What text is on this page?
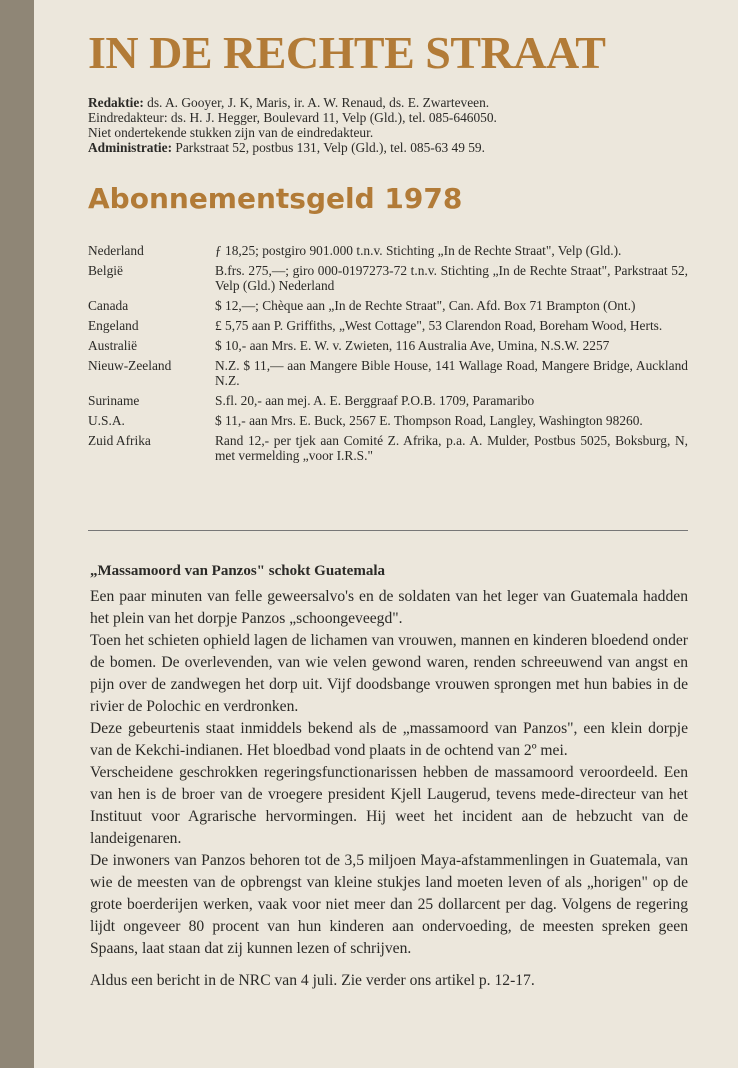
IN DE RECHTE STRAAT
Redaktie: ds. A. Gooyer, J. K, Maris, ir. A. W. Renaud, ds. E. Zwarteveen.
Eindredakteur: ds. H. J. Hegger, Boulevard 11, Velp (Gld.), tel. 085-646050.
Niet ondertekende stukken zijn van de eindredakteur.
Administratie: Parkstraat 52, postbus 131, Velp (Gld.), tel. 085-63 49 59.
Abonnementsgeld 1978
Nederland	ƒ 18,25; postgiro 901.000 t.n.v. Stichting „In de Rechte Straat", Velp (Gld.).
België	B.frs. 275,—; giro 000-0197273-72 t.n.v. Stichting „In de Rechte Straat", Parkstraat 52, Velp (Gld.) Nederland
Canada	$ 12,—; Chèque aan „In de Rechte Straat", Can. Afd. Box 71 Brampton (Ont.)
Engeland	£ 5,75 aan P. Griffiths, „West Cottage", 53 Clarendon Road, Boreham Wood, Herts.
Australië	$ 10,- aan Mrs. E. W. v. Zwieten, 116 Australia Ave, Umina, N.S.W. 2257
Nieuw-Zeeland	N.Z. $ 11,— aan Mangere Bible House, 141 Wallage Road, Mangere Bridge, Auckland N.Z.
Suriname	S.fl. 20,- aan mej. A. E. Berggraaf P.O.B. 1709, Paramaribo
U.S.A.	$ 11,- aan Mrs. E. Buck, 2567 E. Thompson Road, Langley, Washington 98260.
Zuid Afrika	Rand 12,- per tjek aan Comité Z. Afrika, p.a. A. Mulder, Postbus 5025, Boksburg, N, met vermelding „voor I.R.S."
„Massamoord van Panzos" schokt Guatemala

Een paar minuten van felle geweersalvo's en de soldaten van het leger van Guatemala hadden het plein van het dorpje Panzos „schoongeveegd".

Toen het schieten ophield lagen de lichamen van vrouwen, mannen en kinderen bloedend onder de bomen. De overlevenden, van wie velen gewond waren, renden schreeuwend van angst en pijn over de zandwegen het dorp uit. Vijf doodsbange vrouwen sprongen met hun babies in de rivier de Polochic en verdronken.

Deze gebeurtenis staat inmiddels bekend als de „massamoord van Panzos", een klein dorpje van de Kekchi-indianen. Het bloedbad vond plaats in de ochtend van 2º mei.

Verscheidene geschrokken regeringsfunctionarissen hebben de massamoord veroordeeld. Een van hen is de broer van de vroegere president Kjell Laugerud, tevens mede-directeur van het Instituut voor Agrarische hervormingen. Hij weet het incident aan de hebzucht van de landeigenaren.

De inwoners van Panzos behoren tot de 3,5 miljoen Maya-afstammenlingen in Guatemala, van wie de meesten van de opbrengst van kleine stukjes land moeten leven of als „horigen" op de grote boerderijen werken, vaak voor niet meer dan 25 dollarcent per dag. Volgens de regering lijdt ongeveer 80 procent van hun kinderen aan ondervoeding, de meesten spreken geen Spaans, laat staan dat zij kunnen lezen of schrijven.

Aldus een bericht in de NRC van 4 juli. Zie verder ons artikel p. 12-17.
